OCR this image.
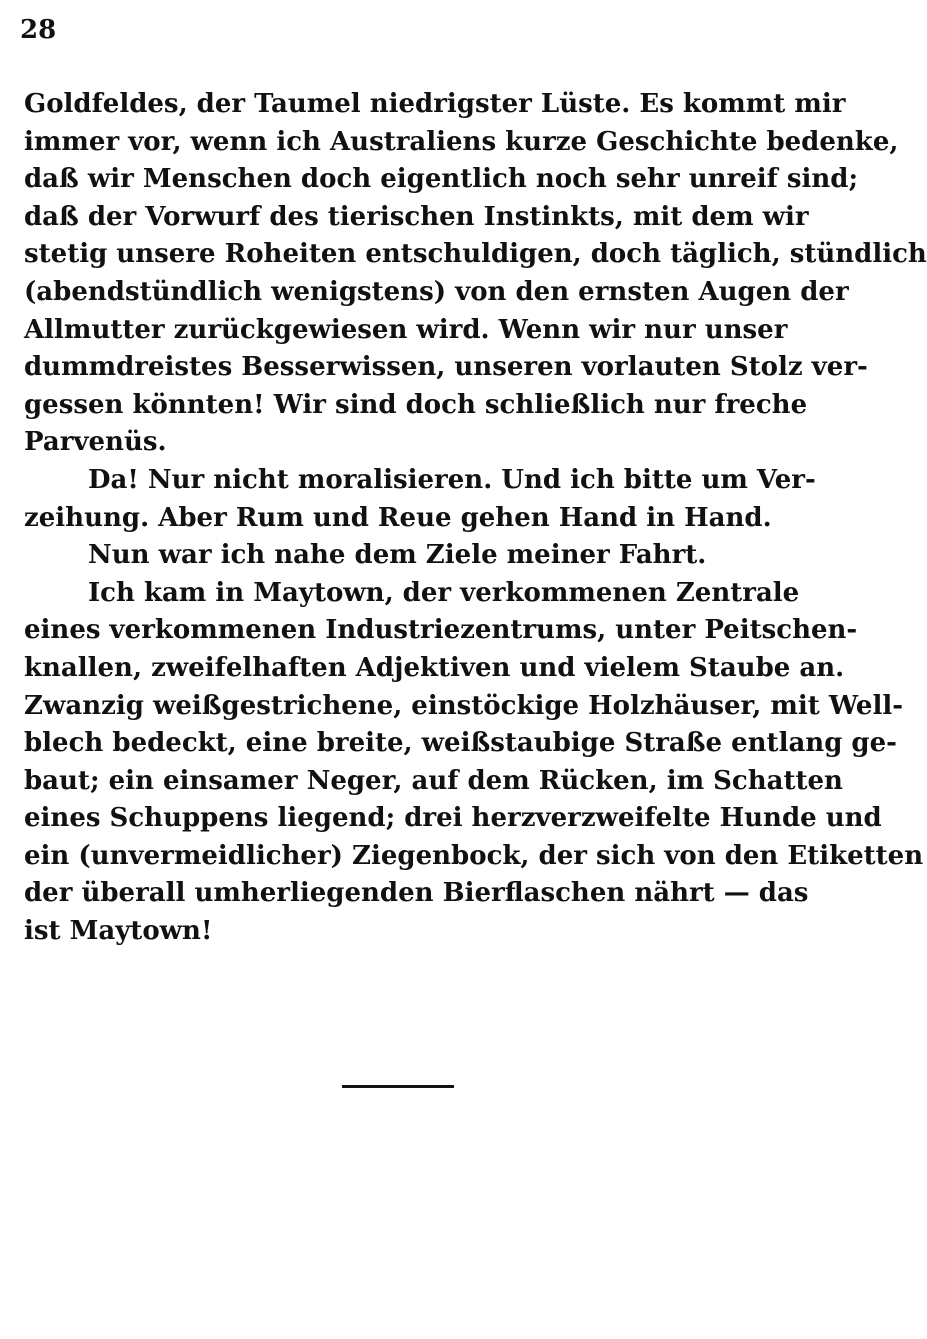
28
Goldfeldes, der Taumel niedrigster Lüste. Es kommt mir
immer vor, wenn ich Australiens kurze Geschichte bedenke,
daß wir Menschen doch eigentlich noch sehr unreif sind;
daß der Vorwurf des tierischen Instinkts, mit dem wir
stetig unsere Roheiten entschuldigen, doch täglich, stündlich
(abendstündlich wenigstens) von den ernsten Augen der
Allmutter zurückgewiesen wird. Wenn wir nur unser
dummdreistes Besserwissen, unseren vorlauten Stolz ver-
gessen könnten! Wir sind doch schließlich nur freche
Parvenüs.
Da! Nur nicht moralisieren. Und ich bitte um Ver-
zeihung. Aber Rum und Reue gehen Hand in Hand.
Nun war ich nahe dem Ziele meiner Fahrt.
Ich kam in Maytown, der verkommenen Zentrale
eines verkommenen Industriezentrums, unter Peitschen-
knallen, zweifelhaften Adjektiven und vielem Staube an.
Zwanzig weißgestrichene, einstöckige Holzhäuser, mit Well-
blech bedeckt, eine breite, weißstaubige Straße entlang ge-
baut; ein einsamer Neger, auf dem Rücken, im Schatten
eines Schuppens liegend; drei herzverzweifelte Hunde und
ein (unvermeidlicher) Ziegenbock, der sich von den Etiketten
der überall umherliegenden Bierflaschen nährt — das
ist Maytown!
